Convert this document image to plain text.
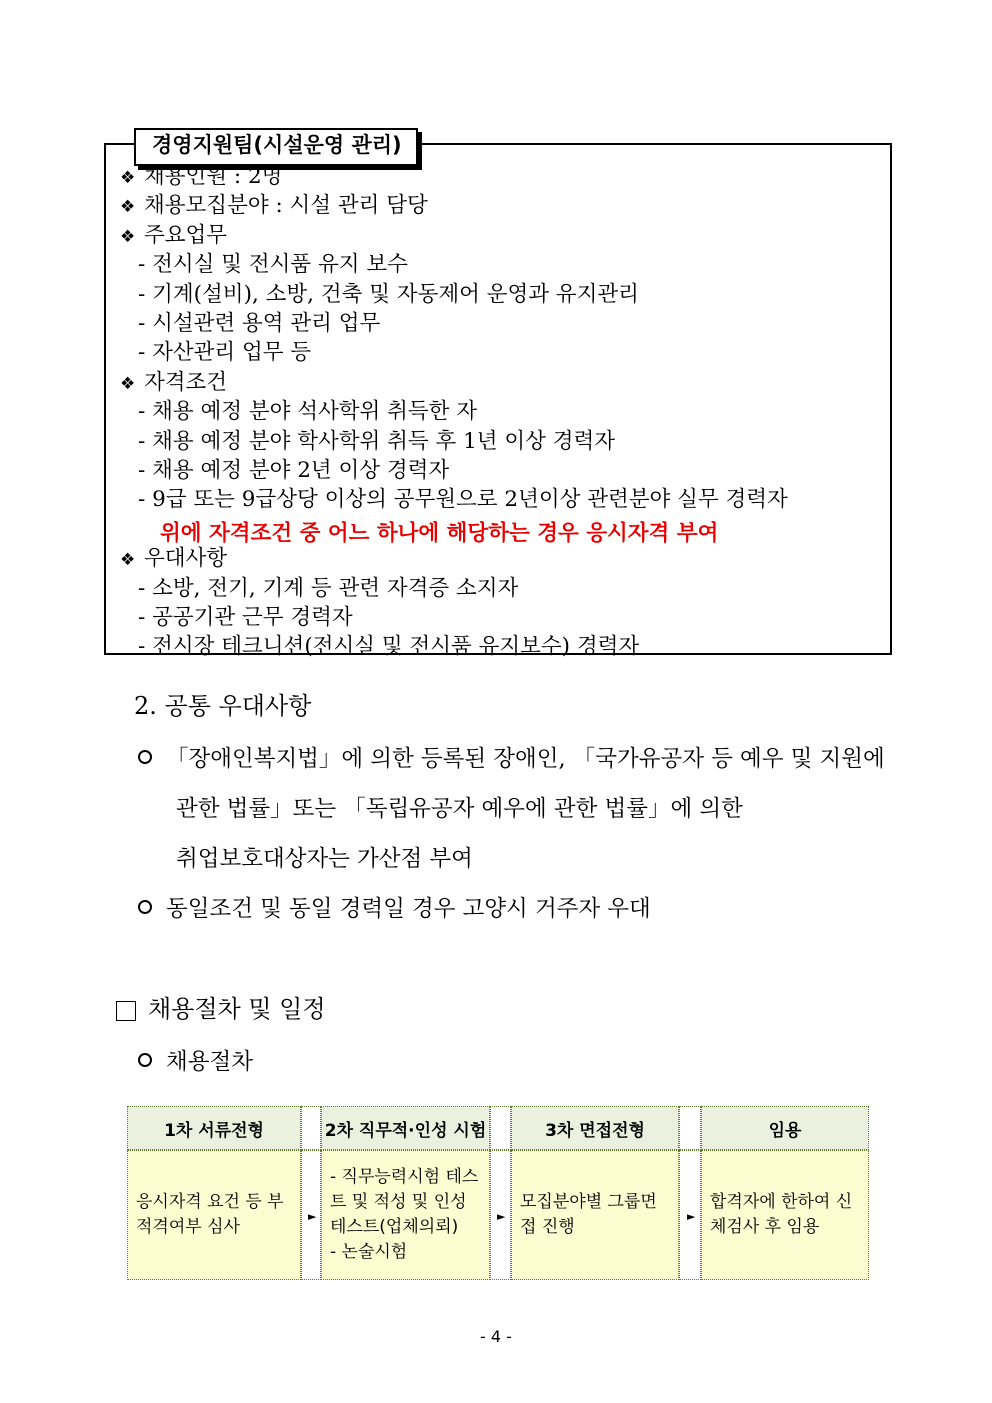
경영지원팀(시설운영 관리)
❖ 채용인원 : 2명
❖ 채용모집분야 : 시설 관리 담당
❖ 주요업무
- 전시실 및 전시품 유지 보수
- 기계(설비), 소방, 건축 및 자동제어 운영과 유지관리
- 시설관련 용역 관리 업무
- 자산관리 업무 등
❖ 자격조건
- 채용 예정 분야 석사학위 취득한 자
- 채용 예정 분야 학사학위 취득 후 1년 이상 경력자
- 채용 예정 분야 2년 이상 경력자
- 9급 또는 9급상당 이상의 공무원으로 2년이상 관련분야 실무 경력자
위에 자격조건 중 어느 하나에 해당하는 경우 응시자격 부여
❖ 우대사항
- 소방, 전기, 기계 등 관련 자격증 소지자
- 공공기관 근무 경력자
- 전시장 테크니션(전시실 및 전시품 유지보수) 경력자
2. 공통 우대사항
「장애인복지법」에 의한 등록된 장애인, 「국가유공자 등 예우 및 지원에
관한 법률」또는 「독립유공자 예우에 관한 법률」에 의한
취업보호대상자는 가산점 부여
동일조건 및 동일 경력일 경우 고양시 거주자 우대
채용절차 및 일정
채용절차
1차 서류전형
응시자격 요건 등 부적격여부 심사
2차 직무적·인성 시험
- 직무능력시험 테스트 및 적성 및 인성테스트(업체의뢰)
- 논술시험
3차 면접전형
모집분야별 그룹면접 진행
임용
합격자에 한하여 신체검사 후 임용
►	►	►
- 4 -
